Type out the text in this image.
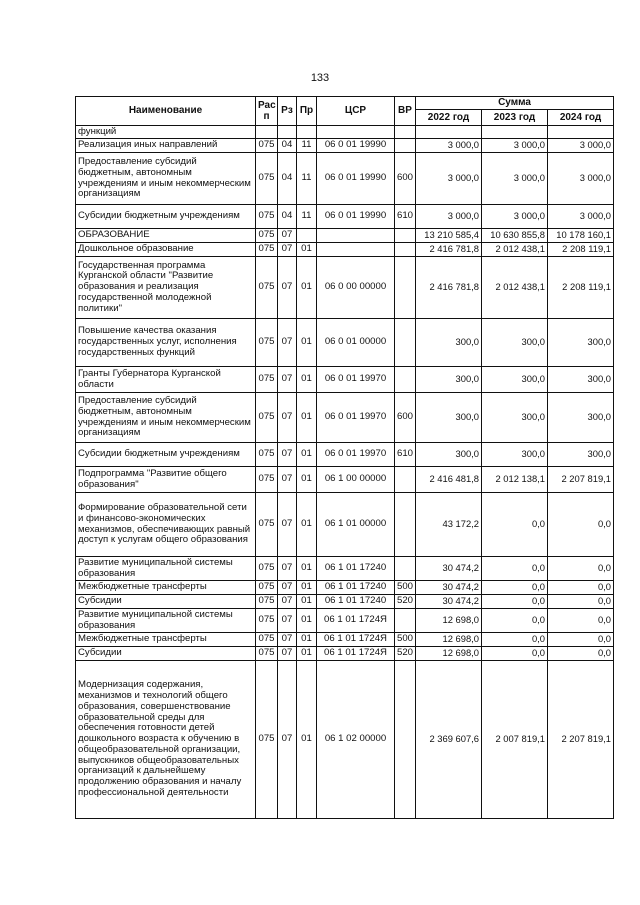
133
Наименование	Рас п	Рз	Пр	ЦСР	ВР	Сумма		
						2022 год	2023 год	2024 год
функций								
Реализация иных направлений	075	04	11	06 0 01 19990		3 000,0	3 000,0	3 000,0
Предоставление субсидий бюджетным, автономным учреждениям и иным некоммерческим организациям	075	04	11	06 0 01 19990	600	3 000,0	3 000,0	3 000,0
Субсидии бюджетным учреждениям	075	04	11	06 0 01 19990	610	3 000,0	3 000,0	3 000,0
ОБРАЗОВАНИЕ	075	07				13 210 585,4	10 630 855,8	10 178 160,1
Дошкольное образование	075	07	01			2 416 781,8	2 012 438,1	2 208 119,1
Государственная программа Курганской области "Развитие образования и реализация государственной молодежной политики"	075	07	01	06 0 00 00000		2 416 781,8	2 012 438,1	2 208 119,1
Повышение качества оказания государственных услуг, исполнения государственных функций	075	07	01	06 0 01 00000		300,0	300,0	300,0
Гранты Губернатора Курганской области	075	07	01	06 0 01 19970		300,0	300,0	300,0
Предоставление субсидий бюджетным, автономным учреждениям и иным некоммерческим организациям	075	07	01	06 0 01 19970	600	300,0	300,0	300,0
Субсидии бюджетным учреждениям	075	07	01	06 0 01 19970	610	300,0	300,0	300,0
Подпрограмма "Развитие общего образования"	075	07	01	06 1 00 00000		2 416 481,8	2 012 138,1	2 207 819,1
Формирование образовательной сети и финансово-экономических механизмов, обеспечивающих равный доступ к услугам общего образования	075	07	01	06 1 01 00000		43 172,2	0,0	0,0
Развитие муниципальной системы образования	075	07	01	06 1 01 17240		30 474,2	0,0	0,0
Межбюджетные трансферты	075	07	01	06 1 01 17240	500	30 474,2	0,0	0,0
Субсидии	075	07	01	06 1 01 17240	520	30 474,2	0,0	0,0
Развитие муниципальной системы образования	075	07	01	06 1 01 1724Я		12 698,0	0,0	0,0
Межбюджетные трансферты	075	07	01	06 1 01 1724Я	500	12 698,0	0,0	0,0
Субсидии	075	07	01	06 1 01 1724Я	520	12 698,0	0,0	0,0
Модернизация содержания, механизмов и технологий общего образования, совершенствование образовательной среды для обеспечения готовности детей дошкольного возраста к обучению в общеобразовательной организации, выпускников общеобразовательных организаций к дальнейшему продолжению образования и началу профессиональной деятельности	075	07	01	06 1 02 00000		2 369 607,6	2 007 819,1	2 207 819,1
